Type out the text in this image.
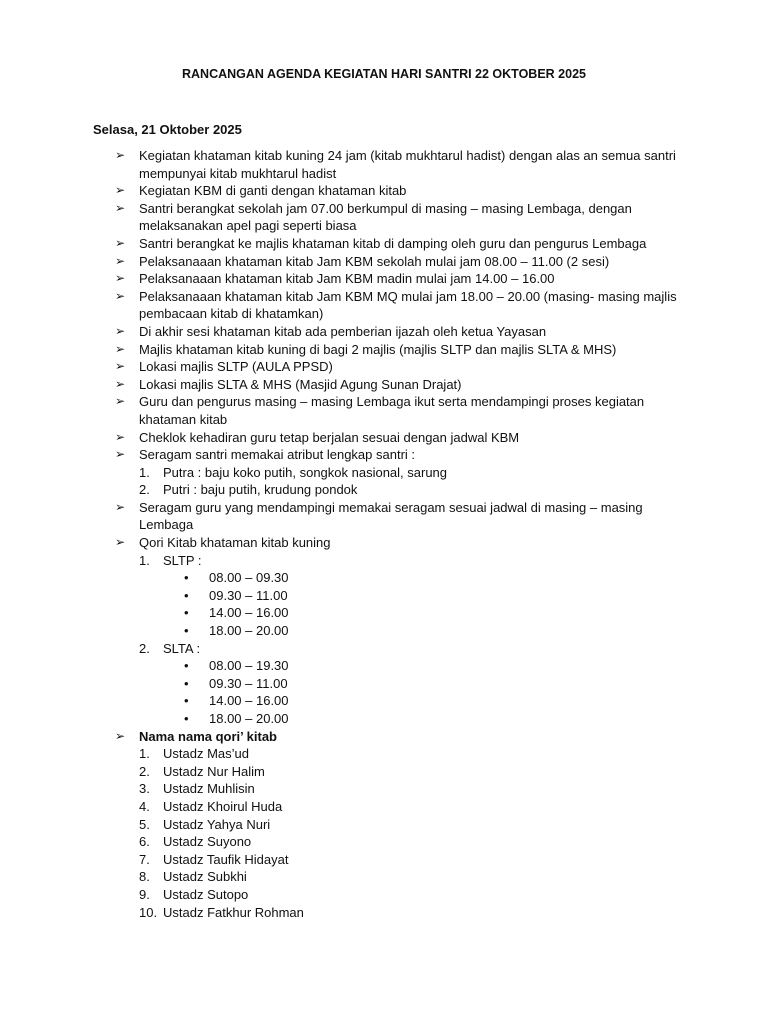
RANCANGAN AGENDA KEGIATAN HARI SANTRI 22 OKTOBER 2025
Selasa, 21 Oktober 2025
➢ Kegiatan khataman kitab kuning 24 jam (kitab mukhtarul hadist) dengan alas an semua santri mempunyai kitab mukhtarul hadist
➢ Kegiatan KBM di ganti dengan khataman kitab
➢ Santri berangkat sekolah jam 07.00 berkumpul di masing – masing Lembaga, dengan melaksanakan apel pagi seperti biasa
➢ Santri berangkat ke majlis khataman kitab di damping oleh guru dan pengurus Lembaga
➢ Pelaksanaaan khataman kitab Jam KBM sekolah mulai jam 08.00 – 11.00 (2 sesi)
➢ Pelaksanaaan khataman kitab Jam KBM madin mulai jam 14.00 – 16.00
➢ Pelaksanaaan khataman kitab Jam KBM MQ mulai jam 18.00 – 20.00 (masing- masing majlis pembacaan kitab di khatamkan)
➢ Di akhir sesi khataman kitab ada pemberian ijazah oleh ketua Yayasan
➢ Majlis khataman kitab kuning di bagi 2 majlis (majlis SLTP dan majlis SLTA & MHS)
➢ Lokasi majlis SLTP (AULA PPSD)
➢ Lokasi majlis SLTA & MHS (Masjid Agung Sunan Drajat)
➢ Guru dan pengurus masing – masing Lembaga ikut serta mendampingi proses kegiatan khataman kitab
➢ Cheklok kehadiran guru tetap berjalan sesuai dengan jadwal KBM
➢ Seragam santri memakai atribut lengkap santri :
1. Putra : baju koko putih, songkok nasional, sarung
2. Putri : baju putih, krudung pondok
➢ Seragam guru yang mendampingi memakai seragam sesuai jadwal di masing – masing Lembaga
➢ Qori Kitab khataman kitab kuning
1. SLTP :
• 08.00 – 09.30
• 09.30 – 11.00
• 14.00 – 16.00
• 18.00 – 20.00
2. SLTA :
• 08.00 – 19.30
• 09.30 – 11.00
• 14.00 – 16.00
• 18.00 – 20.00
➢ Nama nama qori’ kitab
1. Ustadz Mas’ud
2. Ustadz Nur Halim
3. Ustadz Muhlisin
4. Ustadz Khoirul Huda
5. Ustadz Yahya Nuri
6. Ustadz Suyono
7. Ustadz Taufik Hidayat
8. Ustadz Subkhi
9. Ustadz Sutopo
10. Ustadz Fatkhur Rohman
